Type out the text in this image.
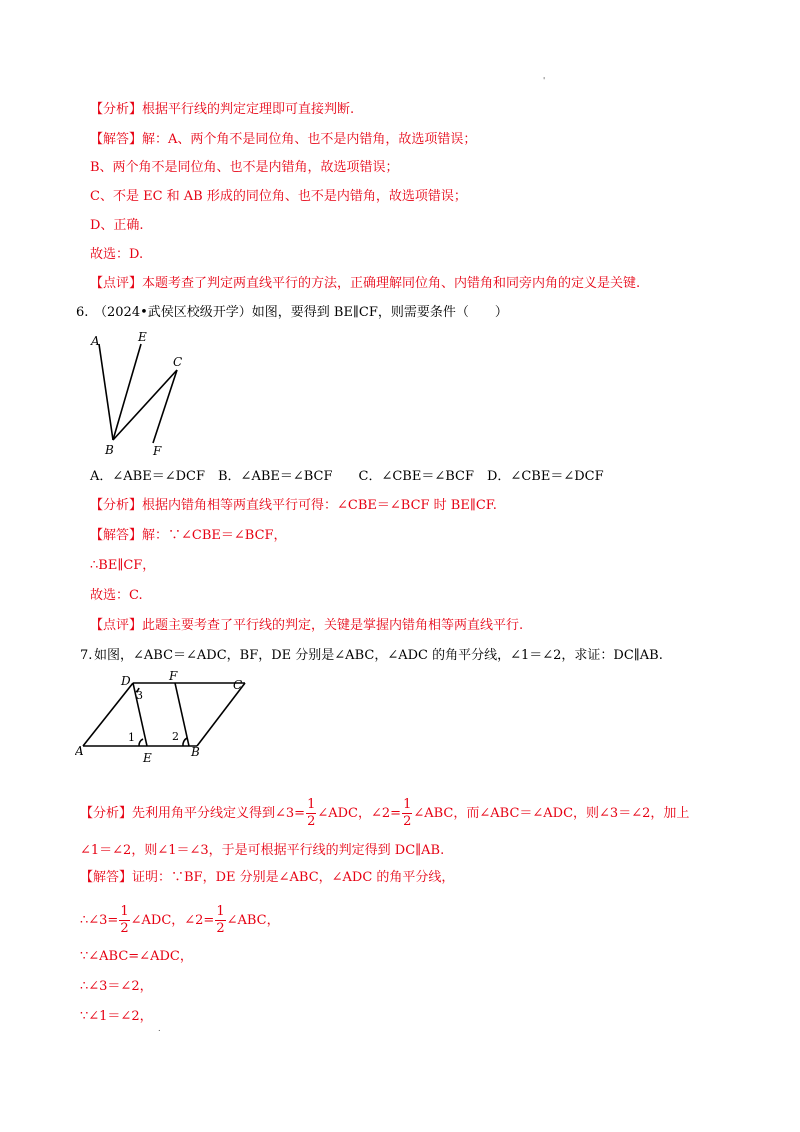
'
【分析】根据平行线的判定定理即可直接判断.
【解答】解：A、两个角不是同位角、也不是内错角，故选项错误；
B、两个角不是同位角、也不是内错角，故选项错误；
C、不是 EC 和 AB 形成的同位角、也不是内错角，故选项错误；
D、正确.
故选：D.
【点评】本题考查了判定两直线平行的方法，正确理解同位角、内错角和同旁内角的定义是关键.
6. （2024•武侯区校级开学）如图，要得到 BE∥CF，则需要条件（　　）
A	E
C
B	F
A．∠ABE＝∠DCF　B．∠ABE＝∠BCF　　C．∠CBE＝∠BCF　D．∠CBE＝∠DCF
【分析】根据内错角相等两直线平行可得：∠CBE＝∠BCF 时 BE∥CF.
【解答】解：∵∠CBE＝∠BCF，
∴BE∥CF，
故选：C.
【点评】此题主要考查了平行线的判定，关键是掌握内错角相等两直线平行.
7. 如图，∠ABC＝∠ADC，BF，DE 分别是∠ABC，∠ADC 的角平分线，∠1＝∠2，求证：DC∥AB.
D	F
C
A	E	B
3
1	2
【分析】先利用角平分线定义得到∠3= $\frac{1}{2}$ ∠ADC，∠2= $\frac{1}{2}$ ∠ABC，而∠ABC＝∠ADC，则∠3＝∠2，加上
∠1＝∠2，则∠1＝∠3，于是可根据平行线的判定得到 DC∥AB.
【解答】证明：∵BF，DE 分别是∠ABC，∠ADC 的角平分线，
∴∠3= $\frac{1}{2}$ ∠ADC，∠2= $\frac{1}{2}$ ∠ABC，
∵∠ABC=∠ADC，
∴∠3＝∠2，
∵∠1＝∠2，
.
